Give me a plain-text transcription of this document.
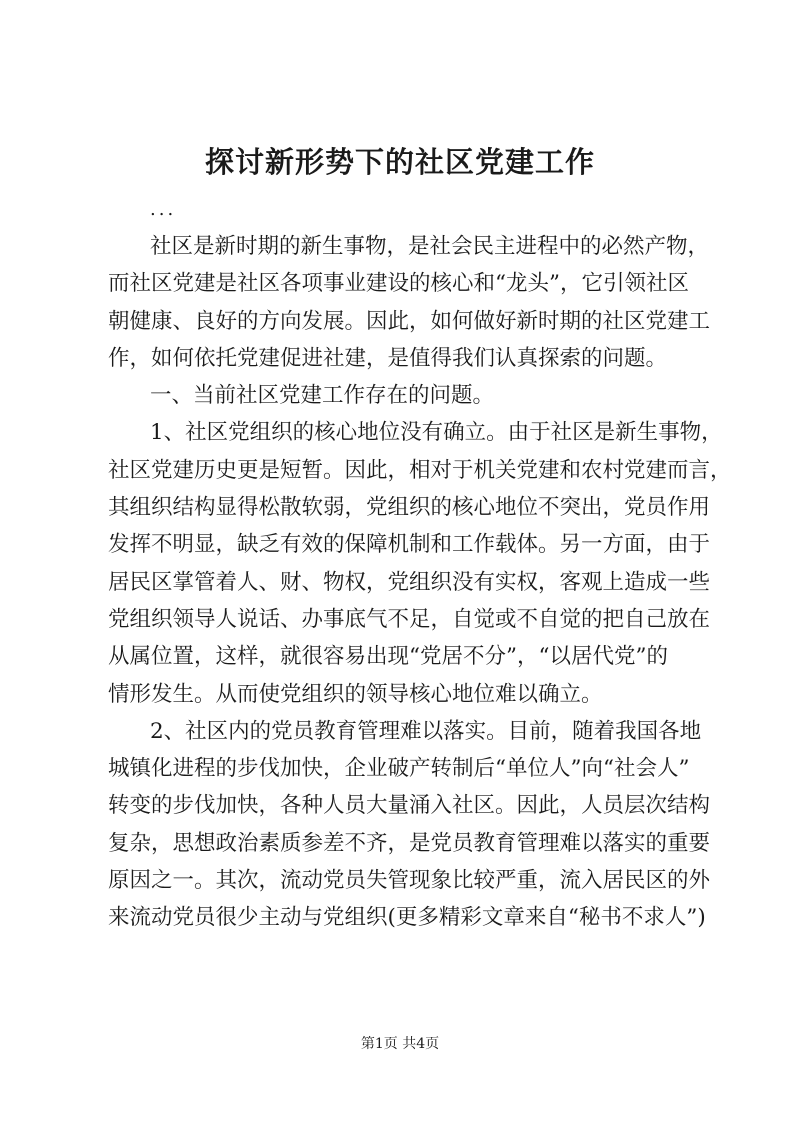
探讨新形势下的社区党建工作
...
社区是新时期的新生事物，是社会民主进程中的必然产物，
而社区党建是社区各项事业建设的核心和“龙头”，它引领社区
朝健康、良好的方向发展。因此，如何做好新时期的社区党建工
作，如何依托党建促进社建，是值得我们认真探索的问题。
一、当前社区党建工作存在的问题。
1、社区党组织的核心地位没有确立。由于社区是新生事物，
社区党建历史更是短暂。因此，相对于机关党建和农村党建而言，
其组织结构显得松散软弱，党组织的核心地位不突出，党员作用
发挥不明显，缺乏有效的保障机制和工作载体。另一方面，由于
居民区掌管着人、财、物权，党组织没有实权，客观上造成一些
党组织领导人说话、办事底气不足，自觉或不自觉的把自己放在
从属位置，这样，就很容易出现“党居不分”，“以居代党”的
情形发生。从而使党组织的领导核心地位难以确立。
2、社区内的党员教育管理难以落实。目前，随着我国各地
城镇化进程的步伐加快，企业破产转制后“单位人”向“社会人”
转变的步伐加快，各种人员大量涌入社区。因此，人员层次结构
复杂，思想政治素质参差不齐，是党员教育管理难以落实的重要
原因之一。其次，流动党员失管现象比较严重，流入居民区的外
来流动党员很少主动与党组织(更多精彩文章来自“秘书不求人”)
第1页 共4页
